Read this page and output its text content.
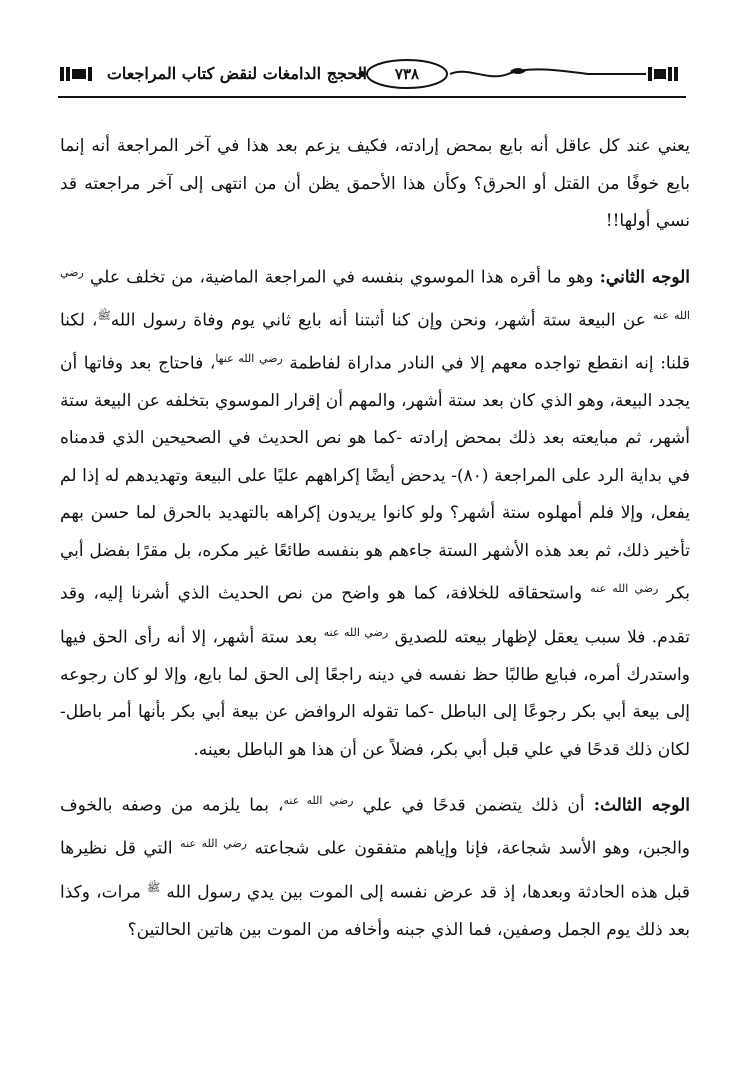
٧٣٨
الحجج الدامغات لنقض كتاب المراجعات

يعني عند كل عاقل أنه بايع بمحض إرادته، فكيف يزعم بعد هذا في آخر المراجعة أنه إنما بايع خوفًا من القتل أو الحرق؟ وكأن هذا الأحمق يظن أن من انتهى إلى آخر مراجعته قد نسي أولها!!

الوجه الثاني: وهو ما أقره هذا الموسوي بنفسه في المراجعة الماضية، من تخلف علي $^{رضي الله عنه}$ عن البيعة ستة أشهر، ونحن وإن كنا أثبتنا أنه بايع ثاني يوم وفاة رسول الله$^ﷺ$، لكنا قلنا: إنه انقطع تواجده معهم إلا في النادر مداراة لفاطمة $^{رضي الله عنها}$، فاحتاج بعد وفاتها أن يجدد البيعة، وهو الذي كان بعد ستة أشهر، والمهم أن إقرار الموسوي بتخلفه عن البيعة ستة أشهر، ثم مبايعته بعد ذلك بمحض إرادته -كما هو نص الحديث في الصحيحين الذي قدمناه في بداية الرد على المراجعة (٨٠)- يدحض أيضًا إكراههم عليًا على البيعة وتهديدهم له إذا لم يفعل، وإلا فلم أمهلوه ستة أشهر؟ ولو كانوا يريدون إكراهه بالتهديد بالحرق لما حسن بهم تأخير ذلك، ثم بعد هذه الأشهر الستة جاءهم هو بنفسه طائعًا غير مكره، بل مقرًا بفضل أبي بكر $^{رضي الله عنه}$ واستحقاقه للخلافة، كما هو واضح من نص الحديث الذي أشرنا إليه، وقد تقدم. فلا سبب يعقل لإظهار بيعته للصديق $^{رضي الله عنه}$ بعد ستة أشهر، إلا أنه رأى الحق فيها واستدرك أمره، فبايع طالبًا حظ نفسه في دينه راجعًا إلى الحق لما بايع، وإلا لو كان رجوعه إلى بيعة أبي بكر رجوعًا إلى الباطل -كما تقوله الروافض عن بيعة أبي بكر بأنها أمر باطل- لكان ذلك قدحًا في علي قبل أبي بكر، فضلاً عن أن هذا هو الباطل بعينه.

الوجه الثالث: أن ذلك يتضمن قدحًا في علي $^{رضي الله عنه}$، بما يلزمه من وصفه بالخوف والجبن، وهو الأسد شجاعة، فإنا وإياهم متفقون على شجاعته $^{رضي الله عنه}$ التي قل نظيرها قبل هذه الحادثة وبعدها، إذ قد عرض نفسه إلى الموت بين يدي رسول الله $^ﷺ$ مرات، وكذا بعد ذلك يوم الجمل وصفين، فما الذي جبنه وأخافه من الموت بين هاتين الحالتين؟
